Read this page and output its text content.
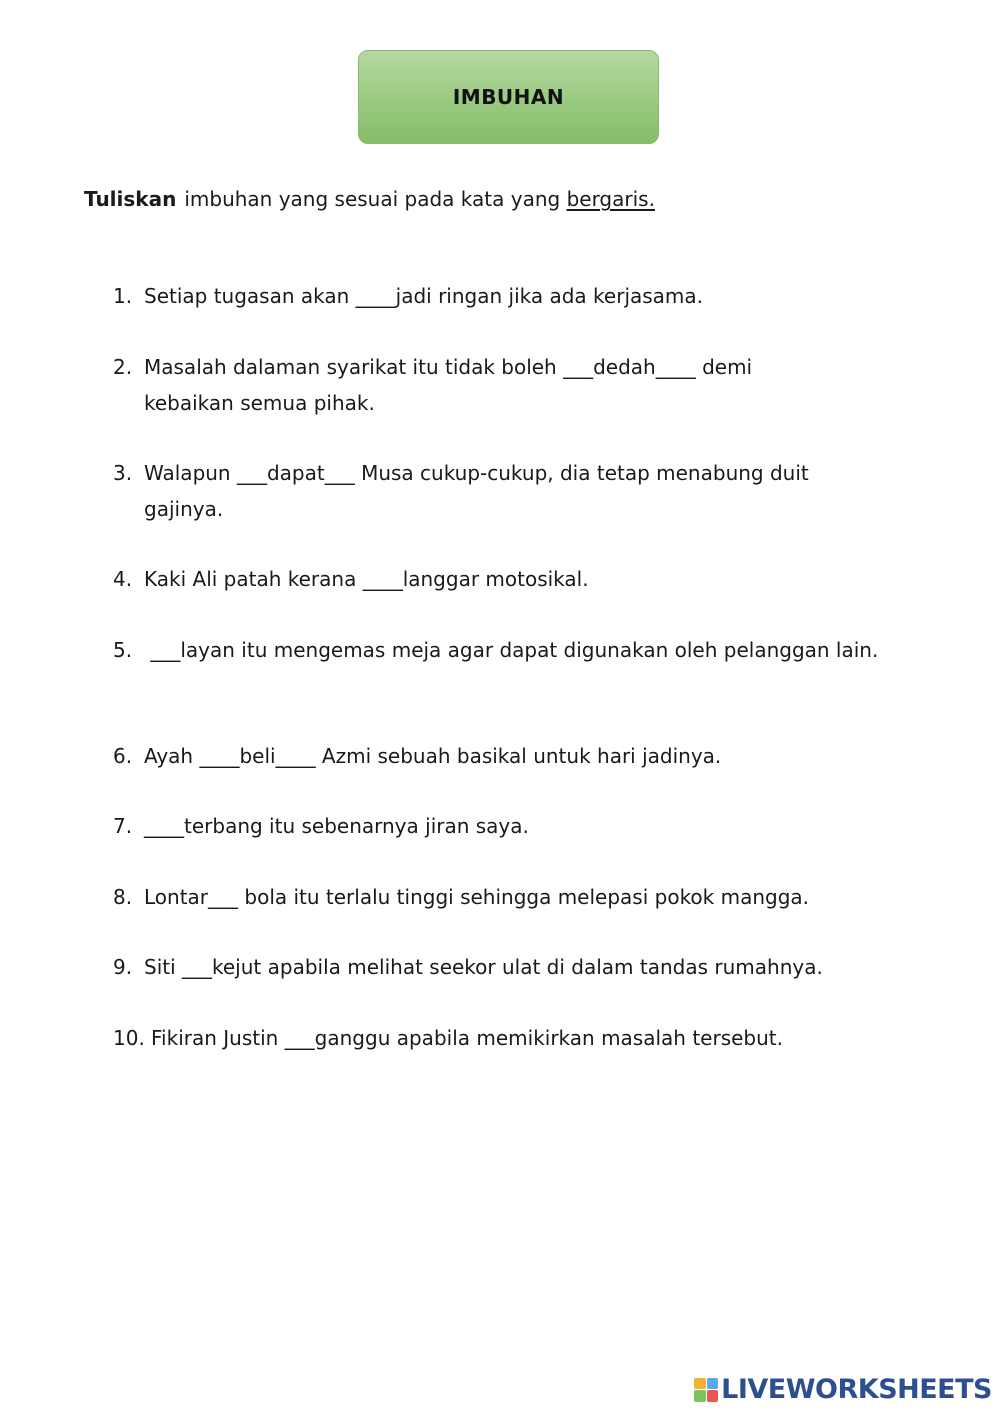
IMBUHAN
Tuliskan imbuhan yang sesuai pada kata yang bergaris.
1. Setiap tugasan akan ____jadi ringan jika ada kerjasama.
2. Masalah dalaman syarikat itu tidak boleh ___dedah____ demi kebaikan semua pihak.
3. Walapun ___dapat___ Musa cukup-cukup, dia tetap menabung duit gajinya.
4. Kaki Ali patah kerana ____langgar motosikal.
5. ___layan itu mengemas meja agar dapat digunakan oleh pelanggan lain.
6. Ayah ____beli____ Azmi sebuah basikal untuk hari jadinya.
7. ____terbang itu sebenarnya jiran saya.
8. Lontar___ bola itu terlalu tinggi sehingga melepasi pokok mangga.
9. Siti ___kejut apabila melihat seekor ulat di dalam tandas rumahnya.
10. Fikiran Justin ___ganggu apabila memikirkan masalah tersebut.
LIVEWORKSHEETS
